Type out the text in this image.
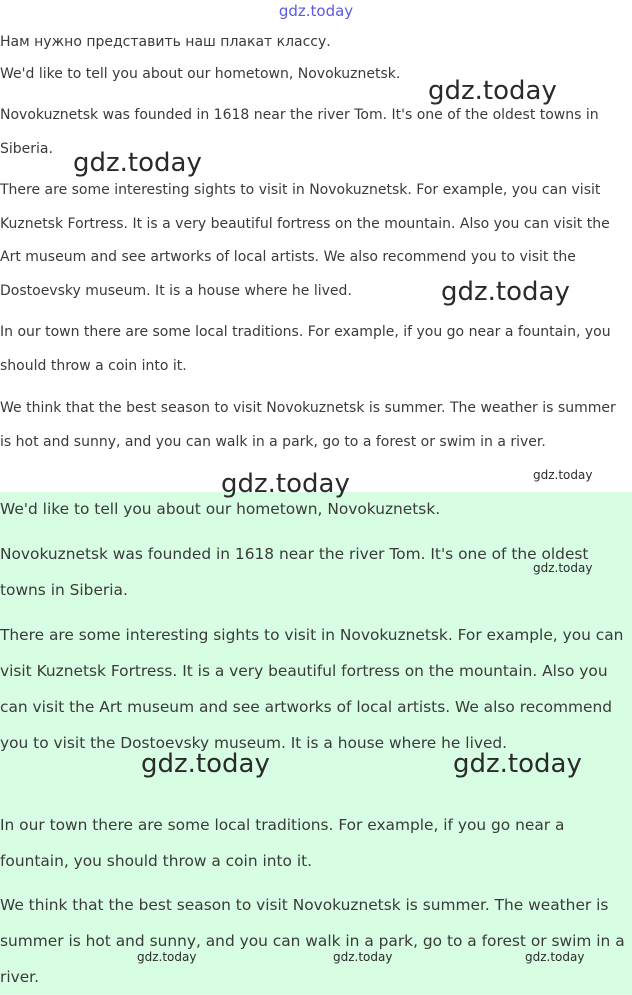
gdz.today

Нам нужно представить наш плакат классу.

We'd like to tell you about our hometown, Novokuznetsk.

Novokuznetsk was founded in 1618 near the river Tom. It's one of the oldest towns in Siberia.

There are some interesting sights to visit in Novokuznetsk. For example, you can visit Kuznetsk Fortress. It is a very beautiful fortress on the mountain. Also you can visit the Art museum and see artworks of local artists. We also recommend you to visit the Dostoevsky museum. It is a house where he lived.

In our town there are some local traditions. For example, if you go near a fountain, you should throw a coin into it.

We think that the best season to visit Novokuznetsk is summer. The weather is summer is hot and sunny, and you can walk in a park, go to a forest or swim in a river.

We'd like to tell you about our hometown, Novokuznetsk.

Novokuznetsk was founded in 1618 near the river Tom. It's one of the oldest towns in Siberia.

There are some interesting sights to visit in Novokuznetsk. For example, you can visit Kuznetsk Fortress. It is a very beautiful fortress on the mountain. Also you can visit the Art museum and see artworks of local artists. We also recommend you to visit the Dostoevsky museum. It is a house where he lived.

In our town there are some local traditions. For example, if you go near a fountain, you should throw a coin into it.

We think that the best season to visit Novokuznetsk is summer. The weather is summer is hot and sunny, and you can walk in a park, go to a forest or swim in a river.

gdz.today
gdz.today
gdz.today
gdz.today	gdz.today
gdz.today
gdz.today	gdz.today
gdz.today	gdz.today	gdz.today
